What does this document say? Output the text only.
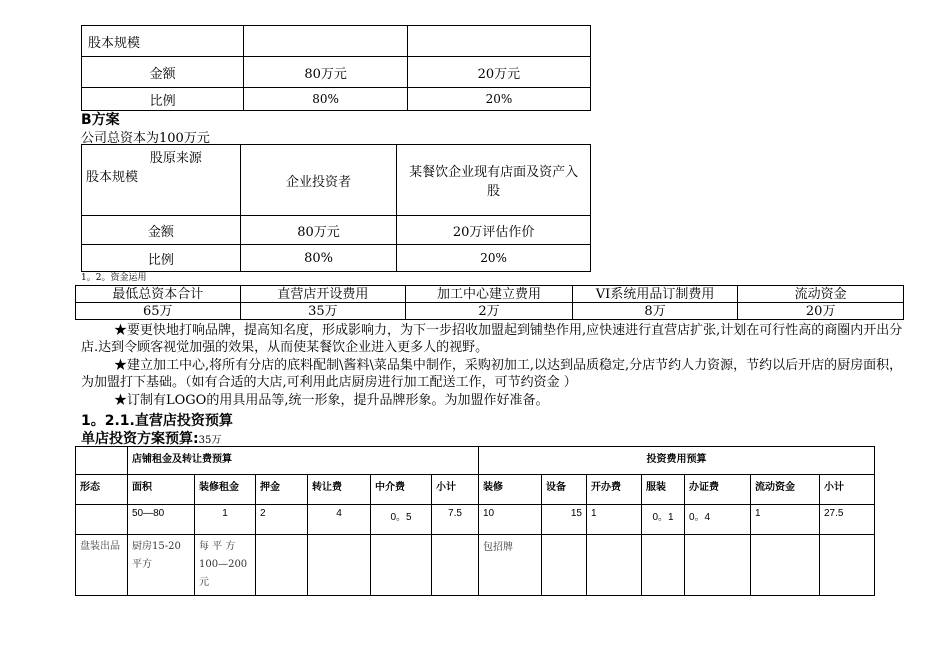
股本规模		
金额	80万元	20万元
比例	80%	20%
B方案
公司总资本为100万元
股原来源
股本规模	企业投资者	某餐饮企业现有店面及资产入股
金额	80万元	20万评估作价
比例	80%	20%
1。2。资金运用
最低总资本合计	直营店开设费用	加工中心建立费用	VI系统用品订制费用	流动资金
65万	35万	2万	8万	20万
★要更快地打响品牌，提高知名度，形成影响力，为下一步招收加盟起到铺垫作用,应快速进行直营店扩张,计划在可行性高的商圈内开出分店.达到令顾客视觉加强的效果，从而使某餐饮企业进入更多人的视野。
★建立加工中心,将所有分店的底料配制\酱料\菜品集中制作，采购初加工,以达到品质稳定,分店节约人力资源，节约以后开店的厨房面积，为加盟打下基础。（如有合适的大店,可利用此店厨房进行加工配送工作，可节约资金 ）
★订制有LOGO的用具用品等,统一形象，提升品牌形象。为加盟作好准备。
1。2.1.直营店投资预算
单店投资方案预算:35万
	店铺租金及转让费预算						投资费用预算						
形态	面积	装修租金	押金	转让费	中介费	小计	装修	设备	开办费	服装	办证费	流动资金	小计
	50—80	1	2	4	0。5	7.5	10	15	1	0。1	0。4	1	27.5
盘装出品	厨房15-20平方	每 平 方 100—200元					包招牌						
